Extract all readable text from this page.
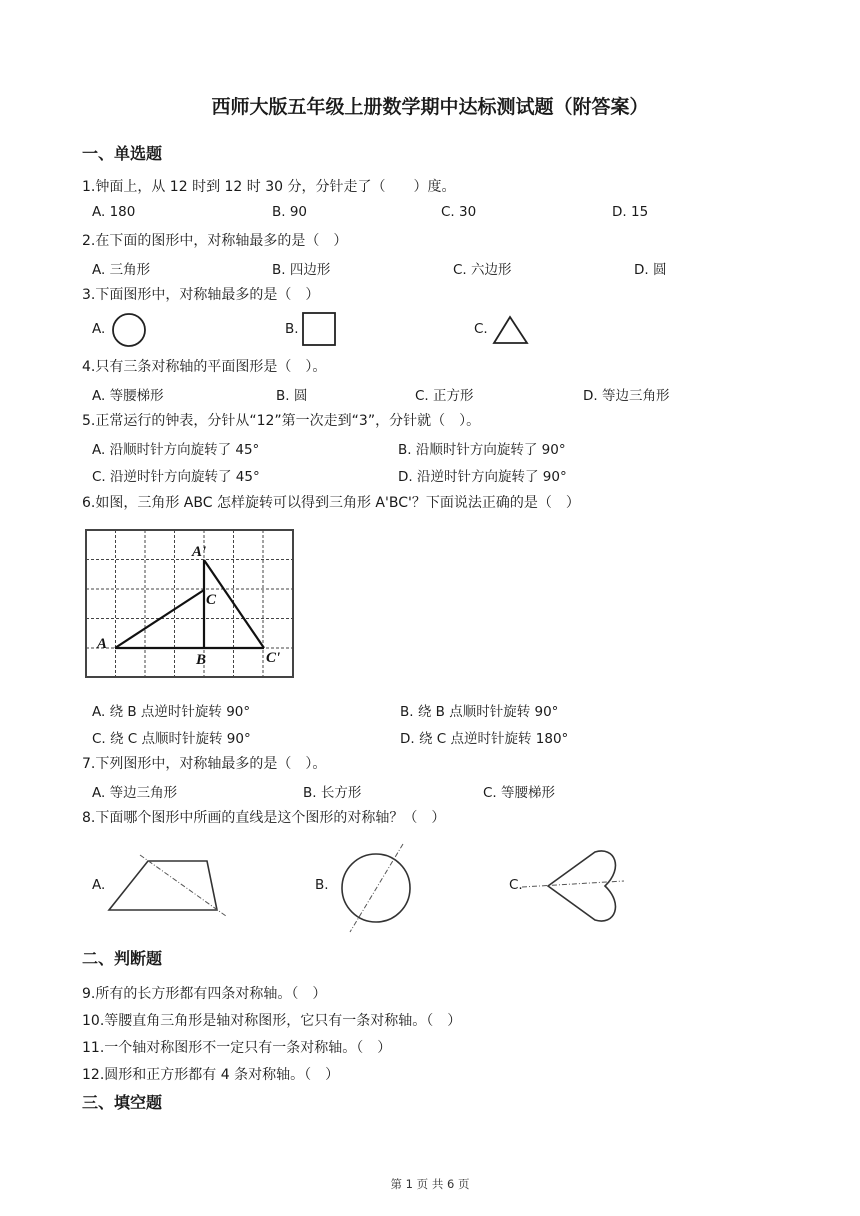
西师大版五年级上册数学期中达标测试题（附答案）
一、单选题
1.钟面上，从 12 时到 12 时 30 分，分针走了（　　）度。
A. 180	B. 90	C. 30	D. 15
2.在下面的图形中，对称轴最多的是（　）
A. 三角形	B. 四边形	C. 六边形	D. 圆
3.下面图形中，对称轴最多的是（　）
A.	B.	C.
4.只有三条对称轴的平面图形是（　）。
A. 等腰梯形	B. 圆	C. 正方形	D. 等边三角形
5.正常运行的钟表，分针从“12”第一次走到“3”，分针就（　）。
A. 沿顺时针方向旋转了 45°	B. 沿顺时针方向旋转了 90°
C. 沿逆时针方向旋转了 45°	D. 沿逆时针方向旋转了 90°
6.如图，三角形 ABC 怎样旋转可以得到三角形 A'BC'？下面说法正确的是（　）
A'
C
A
B	C'
A. 绕 B 点逆时针旋转 90°	B. 绕 B 点顺时针旋转 90°
C. 绕 C 点顺时针旋转 90°	D. 绕 C 点逆时针旋转 180°
7.下列图形中，对称轴最多的是（　）。
A. 等边三角形	B. 长方形	C. 等腰梯形
8.下面哪个图形中所画的直线是这个图形的对称轴？（　）
A.	B.	C.
二、判断题
9.所有的长方形都有四条对称轴。（　）
10.等腰直角三角形是轴对称图形，它只有一条对称轴。（　）
11.一个轴对称图形不一定只有一条对称轴。（　）
12.圆形和正方形都有 4 条对称轴。（　）
三、填空题
第 1 页 共 6 页
